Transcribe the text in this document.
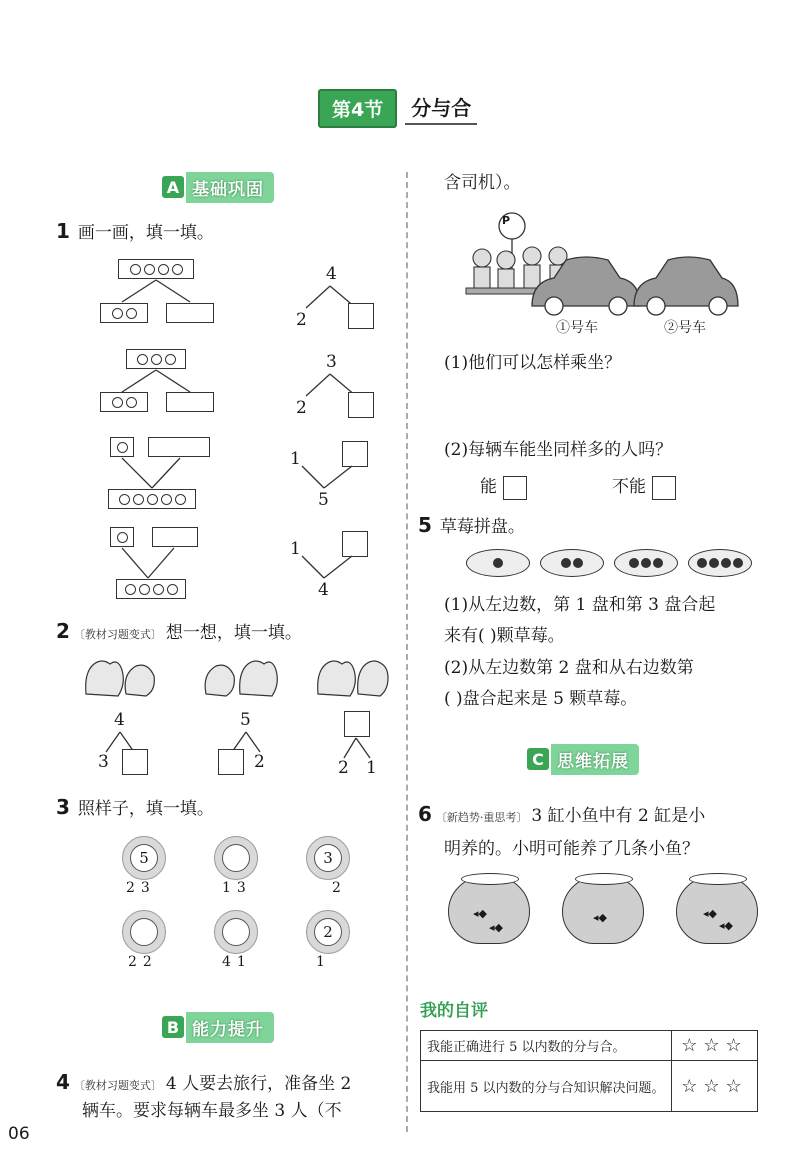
第4节	分与合
A 基础巩固
1 画一画，填一填。
4
2
3
2
1
5
1
4
2 〔教材习题变式〕 想一想，填一填。
4
3
5
2	2 1
3 照样子，填一填。
5
2 3	1 3
3
2
2 2	4 1
2
1
B 能力提升
4 〔教材习题变式〕 4 人要去旅行，准备坐 2
辆车。要求每辆车最多坐 3 人（不
06
含司机）。
P
①号车	②号车
(1)他们可以怎样乘坐？
(2)每辆车能坐同样多的人吗？
能	不能
5 草莓拼盘。
(1)从左边数，第 1 盘和第 3 盘合起
来有( )颗草莓。
(2)从左边数第 2 盘和从右边数第
( )盘合起来是 5 颗草莓。
C 思维拓展
6 〔新趋势·重思考〕 3 缸小鱼中有 2 缸是小
明养的。小明可能养了几条小鱼？
◂◆
◂◆
◂◆	◂◆
◂◆
我的自评
我能正确进行 5 以内数的分与合。	☆☆☆
我能用 5 以内数的分与合知识解决问题。	☆☆☆
